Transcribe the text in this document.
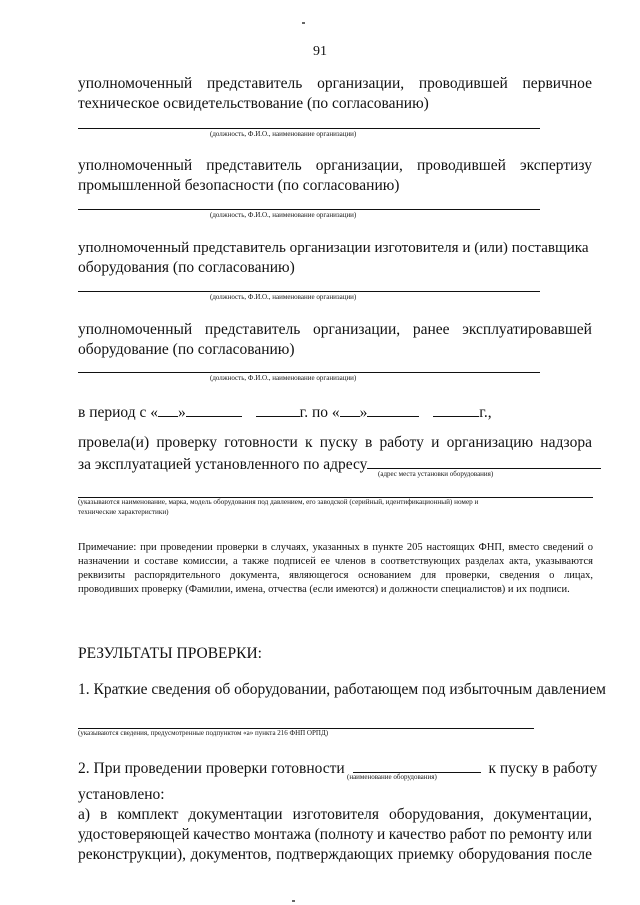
91
уполномоченный представитель организации, проводившей первичное
техническое освидетельствование (по согласованию)
(должность, Ф.И.О., наименование организации)
уполномоченный представитель организации, проводившей экспертизу
промышленной безопасности (по согласованию)
(должность, Ф.И.О., наименование организации)
уполномоченный представитель организации изготовителя и (или) поставщика
оборудования (по согласованию)
(должность, Ф.И.О., наименование организации)
уполномоченный представитель организации, ранее эксплуатировавшей
оборудование (по согласованию)
(должность, Ф.И.О., наименование организации)
в период с « »	г. по « »	г.,
провела(и) проверку готовности к пуску в работу и организацию надзора
за эксплуатацией установленного по адресу
(адрес места установки оборудования)
(указываются наименование, марка, модель оборудования под давлением, его заводской (серийный, идентификационный) номер и
технические характеристики)
Примечание: при проведении проверки в случаях, указанных в пункте 205 настоящих ФНП, вместо сведений о назначении и составе комиссии, а также подписей ее членов в соответствующих разделах акта, указываются реквизиты распорядительного документа, являющегося основанием для проверки, сведения о лицах, проводивших проверку (Фамилии, имена, отчества (если имеются) и должности специалистов) и их подписи.
РЕЗУЛЬТАТЫ ПРОВЕРКИ:
1. Краткие сведения об оборудовании, работающем под избыточным давлением
(указываются сведения, предусмотренные подпунктом «а» пункта 216 ФНП ОРПД)
2. При проведении проверки готовности	к пуску в работу
(наименование оборудования)
установлено:
а) в комплект документации изготовителя оборудования, документации,
удостоверяющей качество монтажа (полноту и качество работ по ремонту или
реконструкции), документов, подтверждающих приемку оборудования после
